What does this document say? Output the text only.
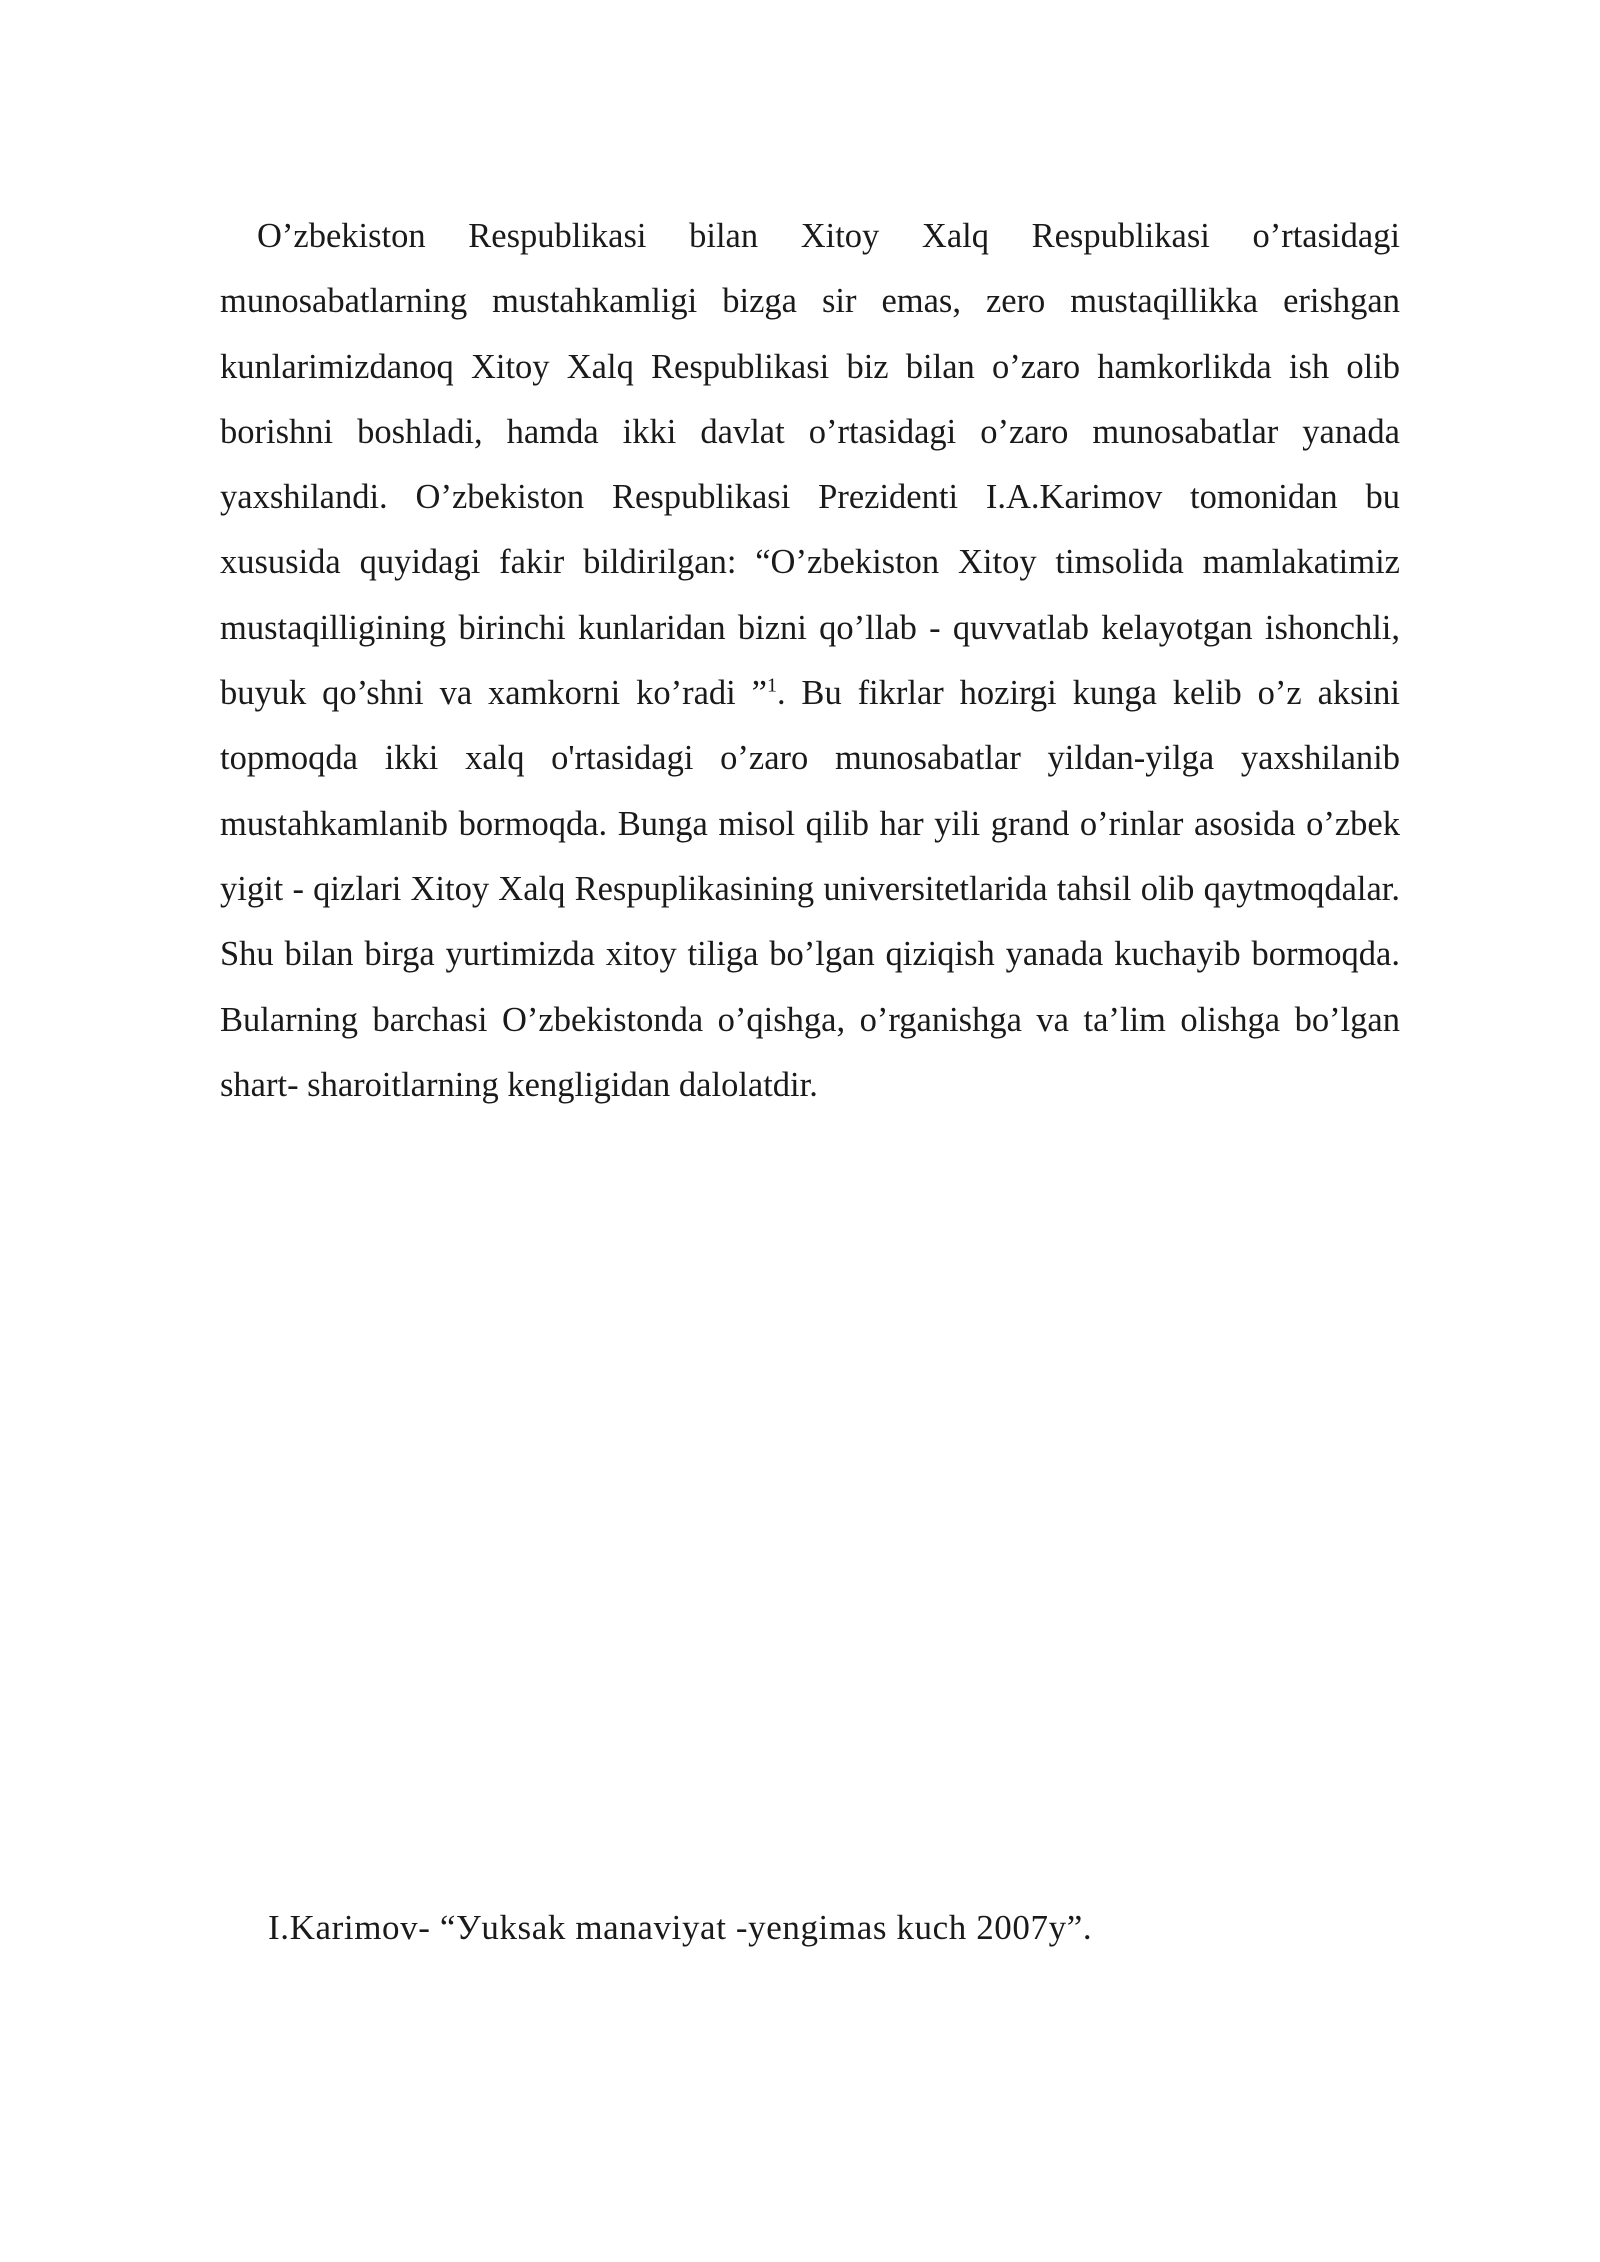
O’zbekiston Respublikasi bilan Xitoy Xalq Respublikasi o’rtasidagi munosabatlarning mustahkamligi bizga sir emas, zero mustaqillikka erishgan kunlarimizdanoq Xitoy Xalq Respublikasi biz bilan o’zaro hamkorlikda ish olib borishni boshladi, hamda ikki davlat o’rtasidagi o’zaro munosabatlar yanada yaxshilandi. O’zbekiston Respublikasi Prezidenti I.A.Karimov tomonidan bu xususida quyidagi fakir bildirilgan: “O’zbekiston Xitoy timsolida mamlakatimiz mustaqilligining birinchi kunlaridan bizni qo’llab - quvvatlab kelayotgan ishonchli, buyuk qo’shni va xamkorni ko’radi ”$^1$. Bu fikrlar hozirgi kunga kelib o’z aksini topmoqda ikki xalq o'rtasidagi o’zaro munosabatlar yildan-yilga yaxshilanib mustahkamlanib bormoqda. Bunga misol qilib har yili grand o’rinlar asosida o’zbek yigit - qizlari Xitoy Xalq Respuplikasining universitetlarida tahsil olib qaytmoqdalar. Shu bilan birga yurtimizda xitoy tiliga bo’lgan qiziqish yanada kuchayib bormoqda. Bularning barchasi O’zbekistonda o’qishga, o’rganishga va ta’lim olishga bo’lgan shart- sharoitlarning kengligidan dalolatdir.

I.Karimov- “Уuksak manaviyat -yengimas kuch 2007y”.
